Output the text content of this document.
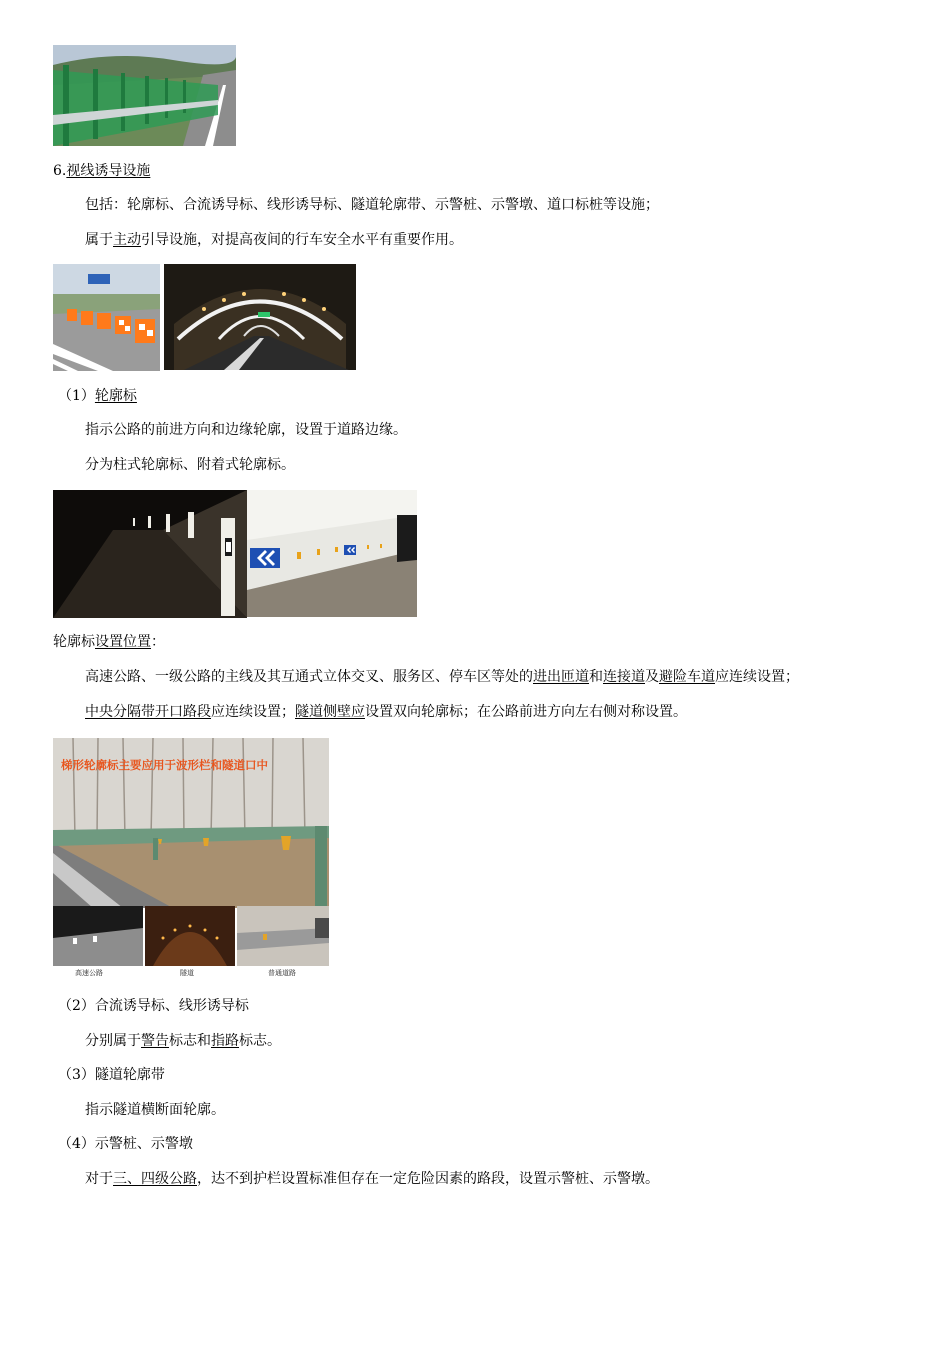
6.视线诱导设施
包括：轮廓标、合流诱导标、线形诱导标、隧道轮廓带、示警桩、示警墩、道口标桩等设施；
属于主动引导设施，对提高夜间的行车安全水平有重要作用。
（1）轮廓标
指示公路的前进方向和边缘轮廓，设置于道路边缘。
分为柱式轮廓标、附着式轮廓标。
轮廓标设置位置：
高速公路、一级公路的主线及其互通式立体交叉、服务区、停车区等处的进出匝道和连接道及避险车道应连续设置；
中央分隔带开口路段应连续设置；隧道侧壁应设置双向轮廓标；在公路前进方向左右侧对称设置。
梯形轮廓标主要应用于波形栏和隧道口中
高速公路	隧道	普通道路
（2）合流诱导标、线形诱导标
分别属于警告标志和指路标志。
（3）隧道轮廓带
指示隧道横断面轮廓。
（4）示警桩、示警墩
对于三、四级公路，达不到护栏设置标准但存在一定危险因素的路段，设置示警桩、示警墩。
